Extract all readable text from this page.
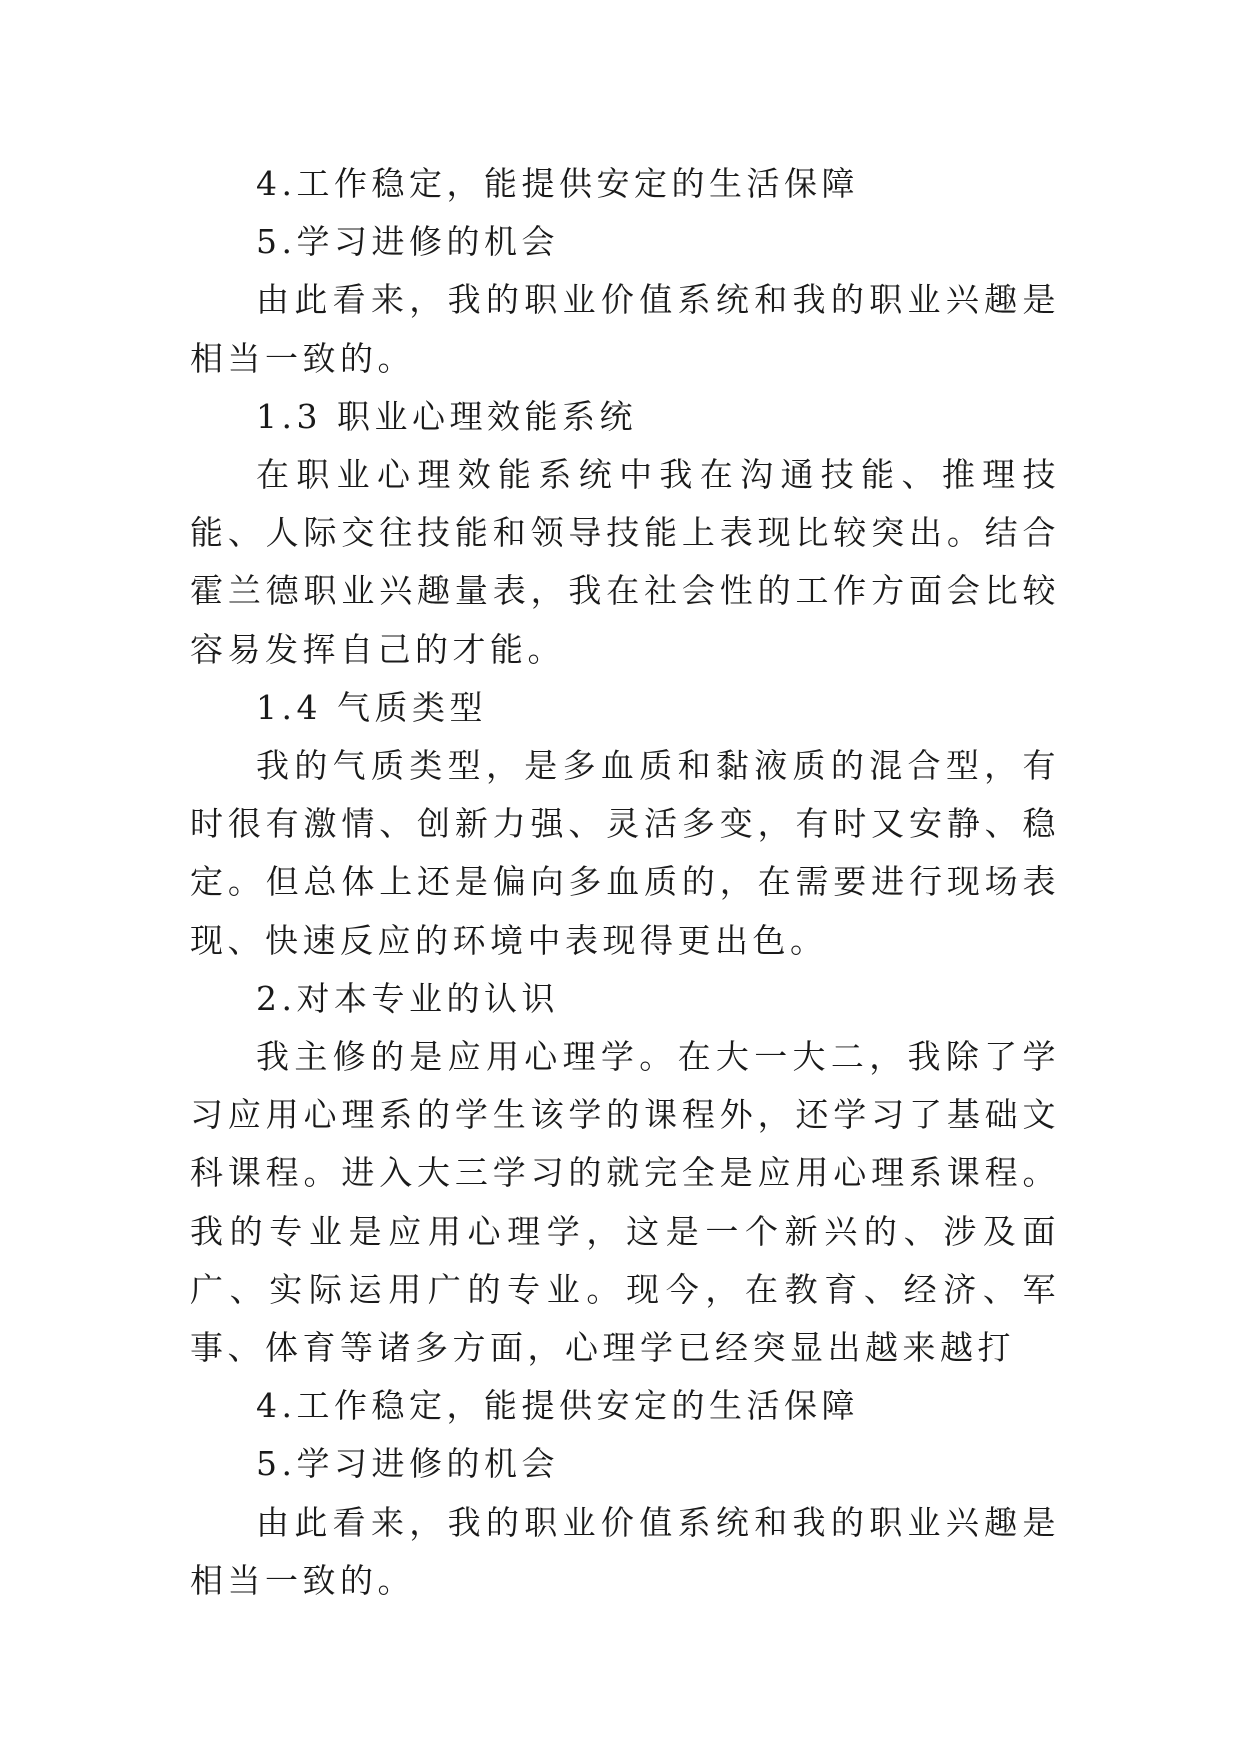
4.工作稳定，能提供安定的生活保障

5.学习进修的机会

由此看来，我的职业价值系统和我的职业兴趣是相当一致的。

1.3 职业心理效能系统

在职业心理效能系统中我在沟通技能、推理技能、人际交往技能和领导技能上表现比较突出。结合霍兰德职业兴趣量表，我在社会性的工作方面会比较容易发挥自己的才能。

1.4 气质类型

我的气质类型，是多血质和黏液质的混合型，有时很有激情、创新力强、灵活多变，有时又安静、稳定。但总体上还是偏向多血质的，在需要进行现场表现、快速反应的环境中表现得更出色。

2.对本专业的认识

我主修的是应用心理学。在大一大二，我除了学习应用心理系的学生该学的课程外，还学习了基础文科课程。进入大三学习的就完全是应用心理系课程。我的专业是应用心理学，这是一个新兴的、涉及面广、实际运用广的专业。现今，在教育、经济、军事、体育等诸多方面，心理学已经突显出越来越打

4.工作稳定，能提供安定的生活保障

5.学习进修的机会

由此看来，我的职业价值系统和我的职业兴趣是相当一致的。
